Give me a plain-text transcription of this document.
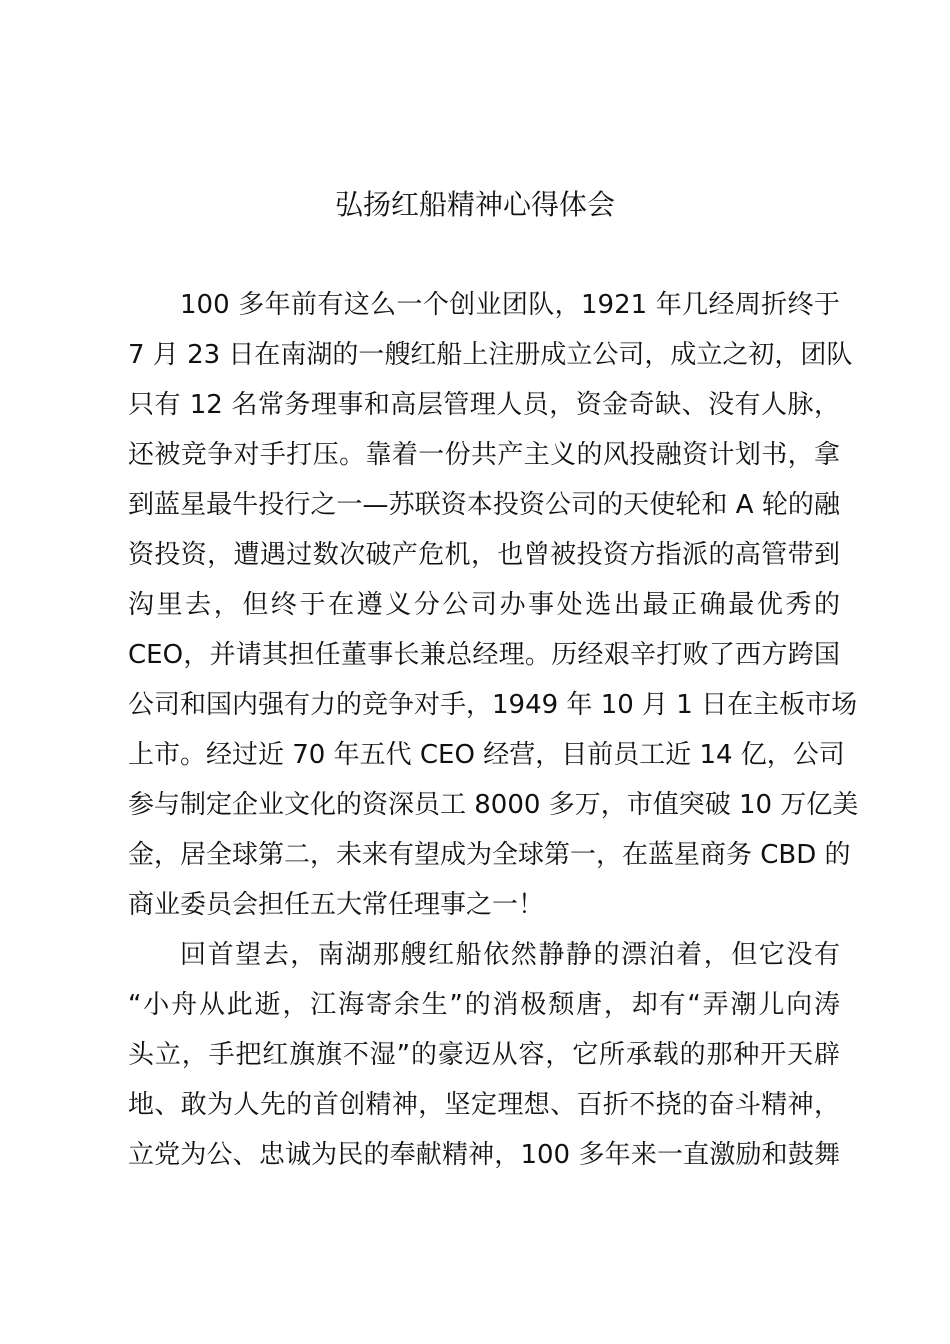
弘扬红船精神心得体会
100 多年前有这么一个创业团队，1921 年几经周折终于
7 月 23 日在南湖的一艘红船上注册成立公司，成立之初，团队
只有 12 名常务理事和高层管理人员，资金奇缺、没有人脉，
还被竞争对手打压。靠着一份共产主义的风投融资计划书，拿
到蓝星最牛投行之一—苏联资本投资公司的天使轮和 A 轮的融
资投资，遭遇过数次破产危机，也曾被投资方指派的高管带到
沟里去，但终于在遵义分公司办事处选出最正确最优秀的
CEO，并请其担任董事长兼总经理。历经艰辛打败了西方跨国
公司和国内强有力的竞争对手，1949 年 10 月 1 日在主板市场
上市。经过近 70 年五代 CEO 经营，目前员工近 14 亿，公司
参与制定企业文化的资深员工 8000 多万，市值突破 10 万亿美
金，居全球第二，未来有望成为全球第一，在蓝星商务 CBD 的
商业委员会担任五大常任理事之一！
回首望去，南湖那艘红船依然静静的漂泊着，但它没有
“小舟从此逝，江海寄余生”的消极颓唐，却有“弄潮儿向涛
头立，手把红旗旗不湿”的豪迈从容，它所承载的那种开天辟
地、敢为人先的首创精神，坚定理想、百折不挠的奋斗精神，
立党为公、忠诚为民的奉献精神，100 多年来一直激励和鼓舞
